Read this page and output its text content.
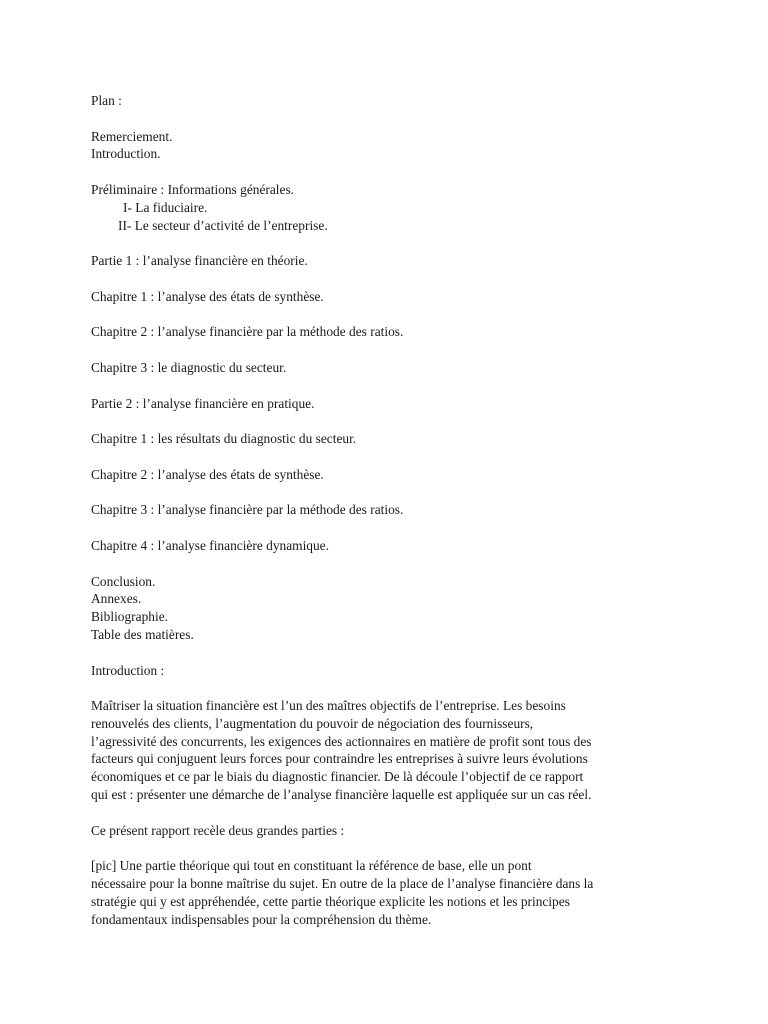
Plan :
Remerciement.
Introduction.
Préliminaire : Informations générales.
I- La fiduciaire.
II- Le secteur d’activité de l’entreprise.
Partie 1 : l’analyse financière en théorie.
Chapitre 1 : l’analyse des états de synthèse.
Chapitre 2 : l’analyse financière par la méthode des ratios.
Chapitre 3 : le diagnostic du secteur.
Partie 2 : l’analyse financière en pratique.
Chapitre 1 : les résultats du diagnostic du secteur.
Chapitre 2 : l’analyse des états de synthèse.
Chapitre 3 : l’analyse financière par la méthode des ratios.
Chapitre 4 : l’analyse financière dynamique.
Conclusion.
Annexes.
Bibliographie.
Table des matières.
Introduction :
Maîtriser la situation financière est l’un des maîtres objectifs de l’entreprise. Les besoins
renouvelés des clients, l’augmentation du pouvoir de négociation des fournisseurs,
l’agressivité des concurrents, les exigences des actionnaires en matière de profit sont tous des
facteurs qui conjuguent leurs forces pour contraindre les entreprises à suivre leurs évolutions
économiques et ce par le biais du diagnostic financier. De là découle l’objectif de ce rapport
qui est : présenter une démarche de l’analyse financière laquelle est appliquée sur un cas réel.
Ce présent rapport recèle deus grandes parties :
[pic] Une partie théorique qui tout en constituant la référence de base, elle un pont
nécessaire pour la bonne maîtrise du sujet. En outre de la place de l’analyse financière dans la
stratégie qui y est appréhendée, cette partie théorique explicite les notions et les principes
fondamentaux indispensables pour la compréhension du thème.
